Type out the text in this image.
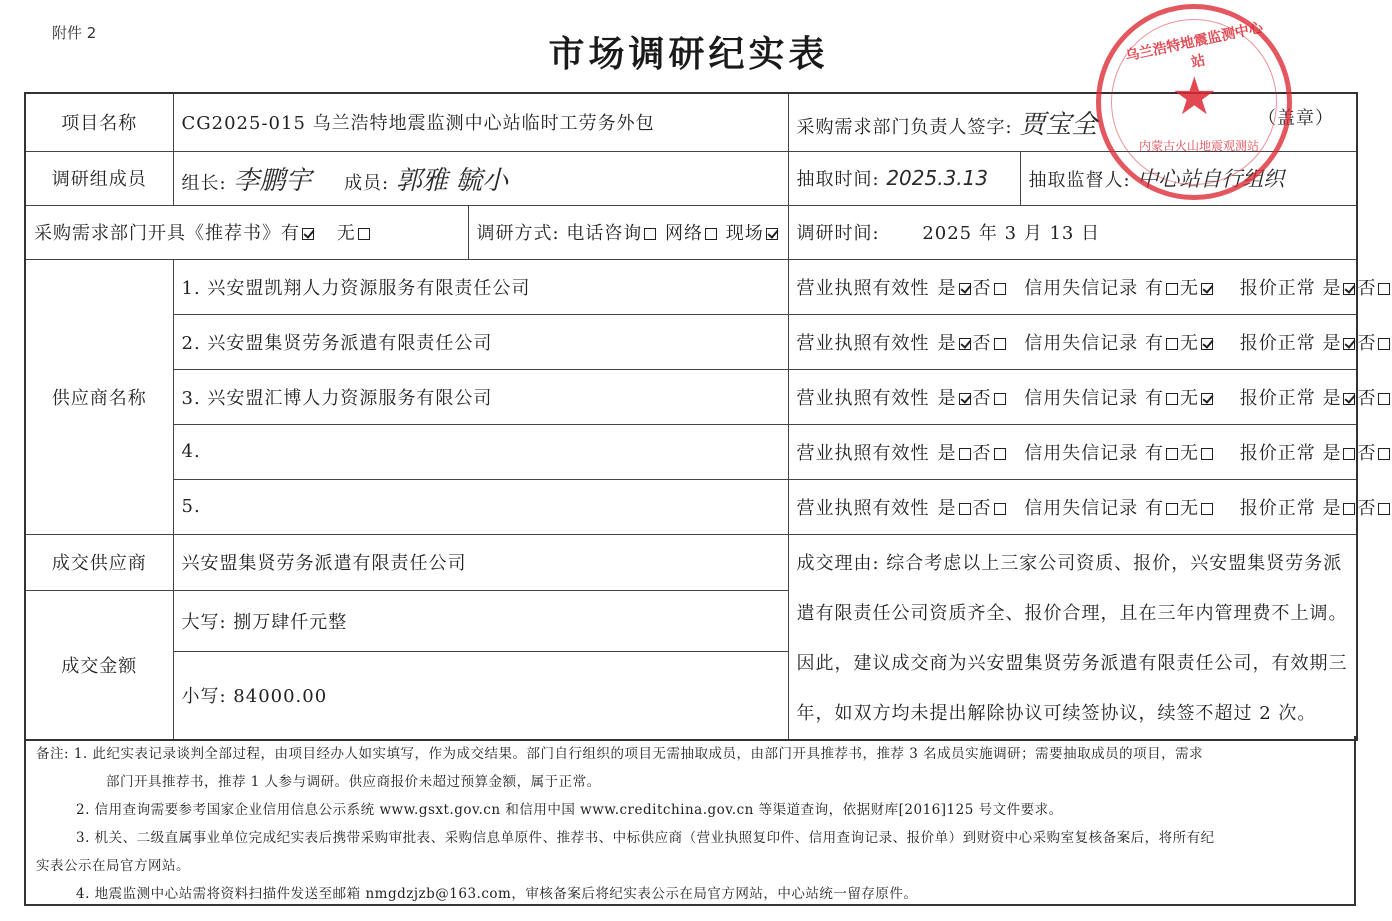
附件 2
市场调研纪实表
项目名称	CG2025-015 乌兰浩特地震监测中心站临时工劳务外包		采购需求部门负责人签字: 贾宝全 （盖章）	

调研组成员	组长: 李鹏宇 成员: 郭雅 毓小		抽取时间: 2025.3.13	抽取监督人: 中心站自行组织
采购需求部门开具《推荐书》有 无		调研方式: 电话咨询 网络 现场	调研时间: 2025 年 3 月 13 日	
供应商名称	1. 兴安盟凯翔人力资源服务有限责任公司		营业执照有效性 是 否 信用失信记录 有 无 报价正常 是 否	
	2. 兴安盟集贤劳务派遣有限责任公司		营业执照有效性 是 否 信用失信记录 有 无 报价正常 是 否	
	3. 兴安盟汇博人力资源服务有限公司		营业执照有效性 是 否 信用失信记录 有 无 报价正常 是 否	
	4.		营业执照有效性 是 否 信用失信记录 有 无 报价正常 是 否	
	5.		营业执照有效性 是 否 信用失信记录 有 无 报价正常 是 否	
成交供应商	兴安盟集贤劳务派遣有限责任公司		成交理由: 综合考虑以上三家公司资质、报价，兴安盟集贤劳务派遣有限责任公司资质齐全、报价合理，且在三年内管理费不上调。因此，建议成交商为兴安盟集贤劳务派遣有限责任公司，有效期三年，如双方均未提出解除协议可续签协议，续签不超过 2 次。	
成交金额	大写: 捌万肆仟元整			
	小写: 84000.00			

备注: 1. 此纪实表记录谈判全部过程，由项目经办人如实填写，作为成交结果。部门自行组织的项目无需抽取成员，由部门开具推荐书，推荐 3 名成员实施调研；需要抽取成员的项目，需求

部门开具推荐书，推荐 1 人参与调研。供应商报价未超过预算金额，属于正常。

2. 信用查询需要参考国家企业信用信息公示系统 www.gsxt.gov.cn 和信用中国 www.creditchina.gov.cn 等渠道查询，依据财库[2016]125 号文件要求。

3. 机关、二级直属事业单位完成纪实表后携带采购审批表、采购信息单原件、推荐书、中标供应商（营业执照复印件、信用查询记录、报价单）到财资中心采购室复核备案后，将所有纪

实表公示在局官方网站。

4. 地震监测中心站需将资料扫描件发送至邮箱 nmgdzjzb@163.com，审核备案后将纪实表公示在局官方网站，中心站统一留存原件。

乌兰浩特地震监测中心站
★
内蒙古火山地震观测站
